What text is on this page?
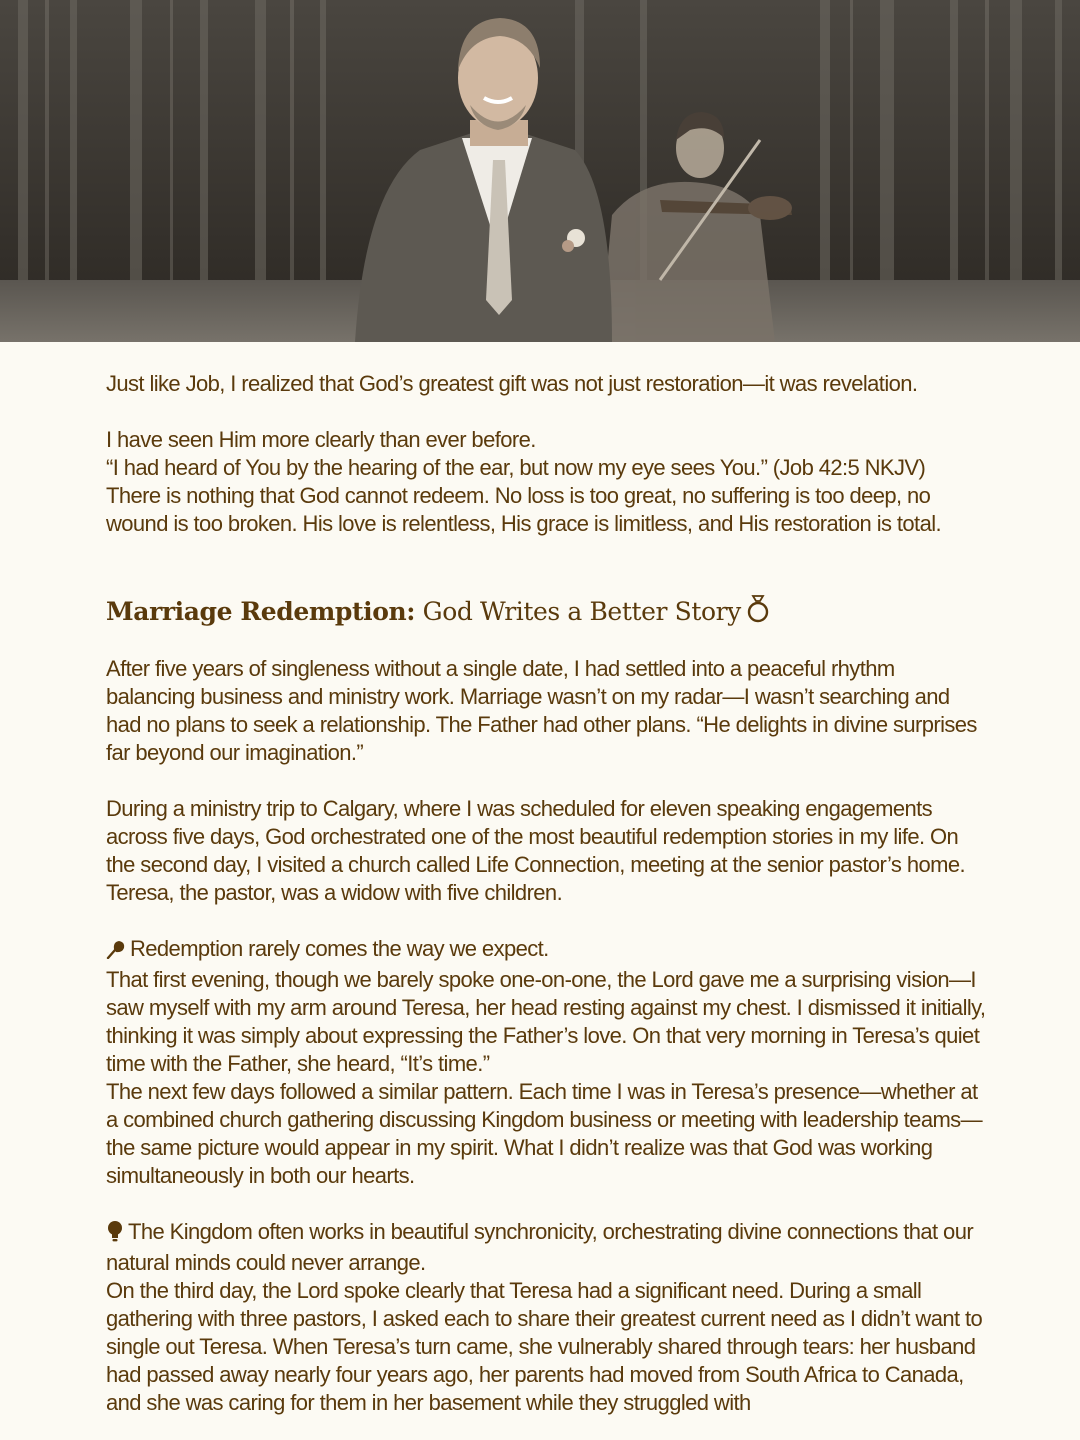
Just like Job, I realized that God’s greatest gift was not just restoration—it was revelation.

I have seen Him more clearly than ever before.

“I had heard of You by the hearing of the ear, but now my eye sees You.” (Job 42:5 NKJV)

There is nothing that God cannot redeem. No loss is too great, no suffering is too deep, no wound is too broken. His love is relentless, His grace is limitless, and His restoration is total.

Marriage Redemption: God Writes a Better Story

After five years of singleness without a single date, I had settled into a peaceful rhythm balancing business and ministry work. Marriage wasn’t on my radar—I wasn’t searching and had no plans to seek a relationship. The Father had other plans. “He delights in divine surprises far beyond our imagination.”

During a ministry trip to Calgary, where I was scheduled for eleven speaking engagements across five days, God orchestrated one of the most beautiful redemption stories in my life. On the second day, I visited a church called Life Connection, meeting at the senior pastor’s home. Teresa, the pastor, was a widow with five children.

Redemption rarely comes the way we expect.

That first evening, though we barely spoke one-on-one, the Lord gave me a surprising vision—I saw myself with my arm around Teresa, her head resting against my chest. I dismissed it initially, thinking it was simply about expressing the Father’s love. On that very morning in Teresa’s quiet time with the Father, she heard, “It’s time.”

The next few days followed a similar pattern. Each time I was in Teresa’s presence—whether at a combined church gathering discussing Kingdom business or meeting with leadership teams—the same picture would appear in my spirit. What I didn’t realize was that God was working simultaneously in both our hearts.

The Kingdom often works in beautiful synchronicity, orchestrating divine connections that our natural minds could never arrange.

On the third day, the Lord spoke clearly that Teresa had a significant need. During a small gathering with three pastors, I asked each to share their greatest current need as I didn’t want to single out Teresa. When Teresa’s turn came, she vulnerably shared through tears: her husband had passed away nearly four years ago, her parents had moved from South Africa to Canada, and she was caring for them in her basement while they struggled with
